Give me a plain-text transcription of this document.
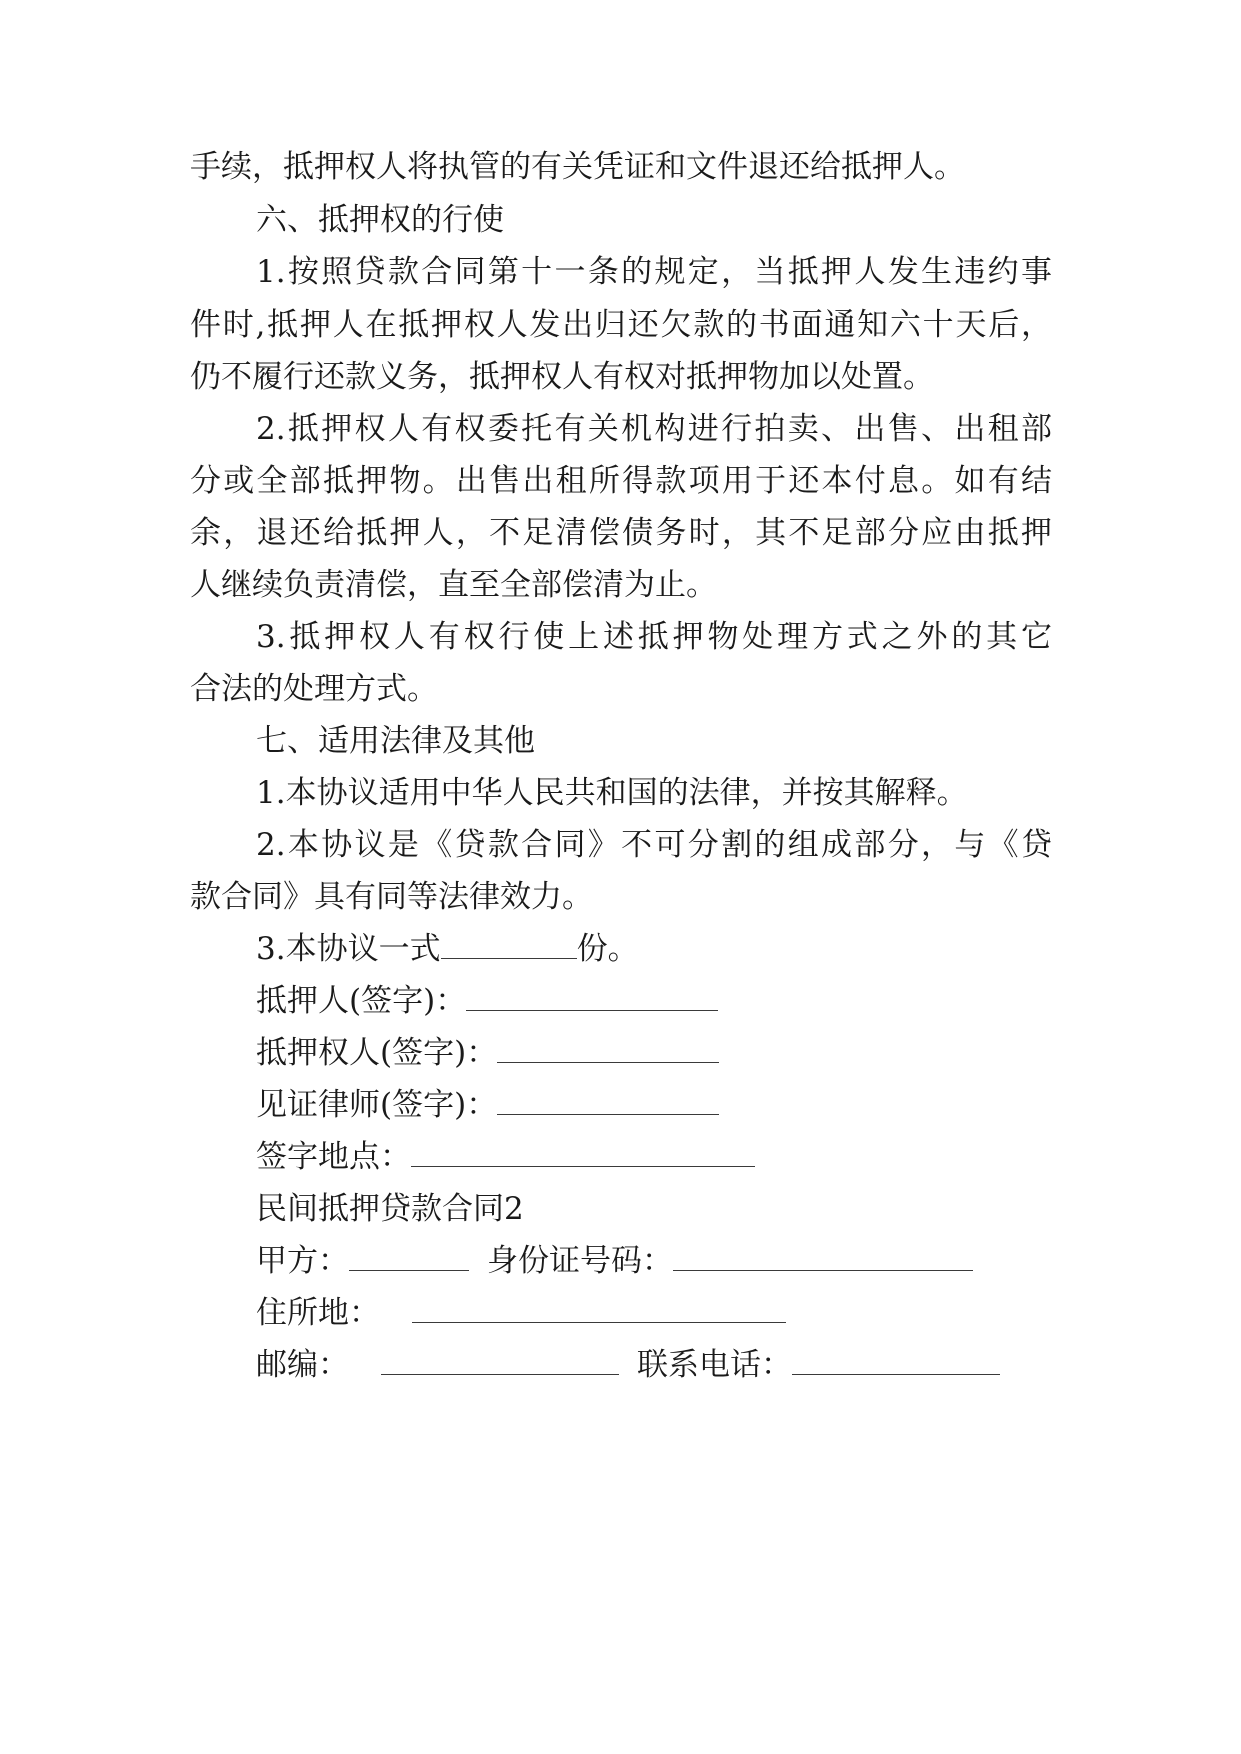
手续，抵押权人将执管的有关凭证和文件退还给抵押人。
六、抵押权的行使
1.按照贷款合同第十一条的规定，当抵押人发生违约事
件时,抵押人在抵押权人发出归还欠款的书面通知六十天后，
仍不履行还款义务，抵押权人有权对抵押物加以处置。
2.抵押权人有权委托有关机构进行拍卖、出售、出租部
分或全部抵押物。出售出租所得款项用于还本付息。如有结
余，退还给抵押人，不足清偿债务时，其不足部分应由抵押
人继续负责清偿，直至全部偿清为止。
3.抵押权人有权行使上述抵押物处理方式之外的其它
合法的处理方式。
七、适用法律及其他
1.本协议适用中华人民共和国的法律，并按其解释。
2.本协议是《贷款合同》不可分割的组成部分，与《贷
款合同》具有同等法律效力。
3.本协议一式	份。
抵押人(签字)：
抵押权人(签字)：
见证律师(签字)：
签字地点：
民间抵押贷款合同2
甲方：	身份证号码：
住所地：
邮编：	联系电话：
